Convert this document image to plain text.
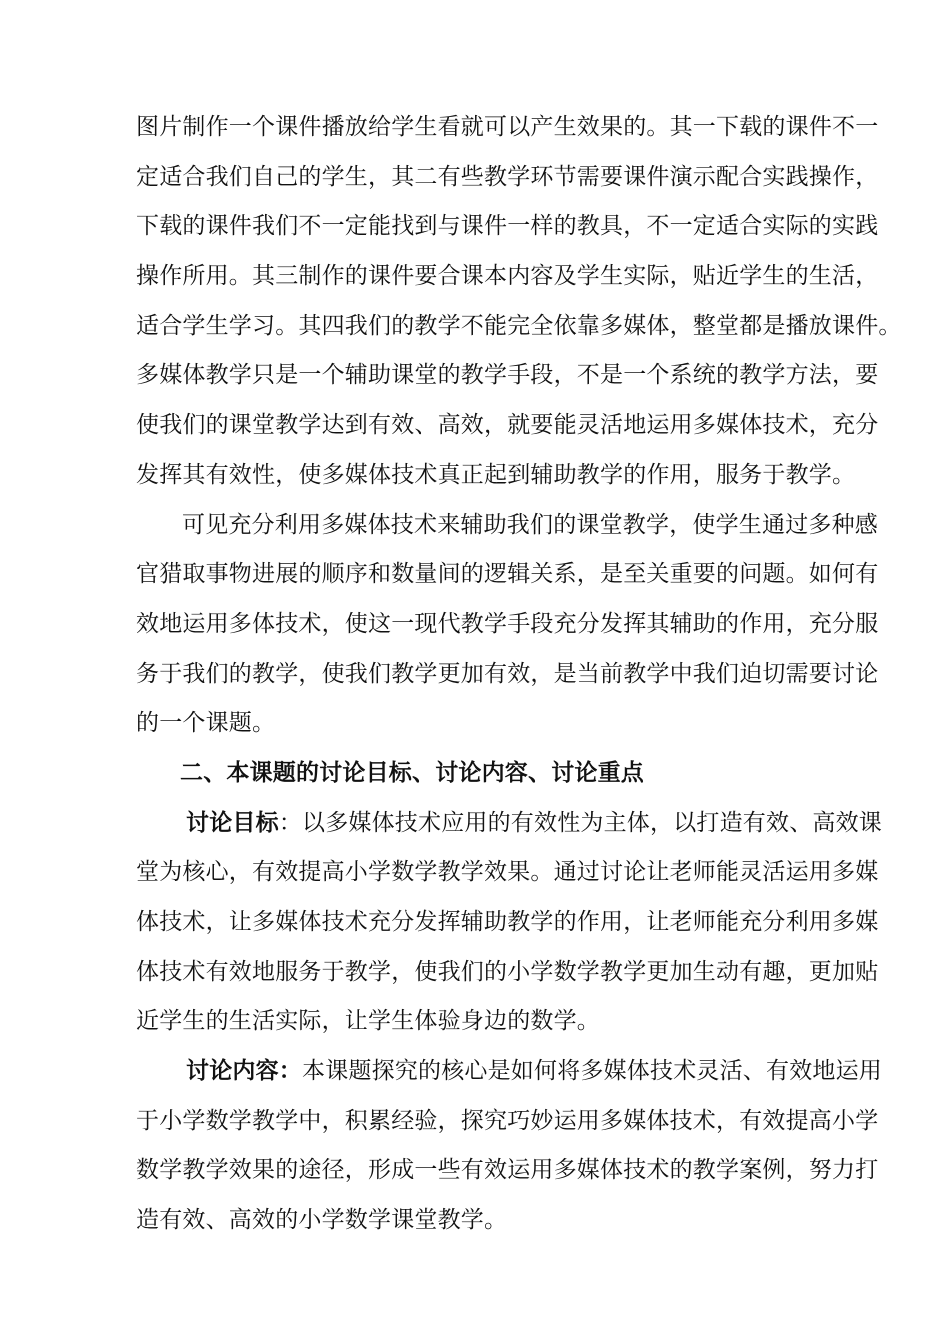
图片制作一个课件播放给学生看就可以产生效果的。其一下载的课件不一
定适合我们自己的学生，其二有些教学环节需要课件演示配合实践操作，
下载的课件我们不一定能找到与课件一样的教具，不一定适合实际的实践
操作所用。其三制作的课件要合课本内容及学生实际，贴近学生的生活，
适合学生学习。其四我们的教学不能完全依靠多媒体，整堂都是播放课件。
多媒体教学只是一个辅助课堂的教学手段，不是一个系统的教学方法，要
使我们的课堂教学达到有效、高效，就要能灵活地运用多媒体技术，充分
发挥其有效性，使多媒体技术真正起到辅助教学的作用，服务于教学。
可见充分利用多媒体技术来辅助我们的课堂教学，使学生通过多种感
官猎取事物进展的顺序和数量间的逻辑关系，是至关重要的问题。如何有
效地运用多体技术，使这一现代教学手段充分发挥其辅助的作用，充分服
务于我们的教学，使我们教学更加有效，是当前教学中我们迫切需要讨论
的一个课题。
二、本课题的讨论目标、讨论内容、讨论重点
讨论目标：以多媒体技术应用的有效性为主体，以打造有效、高效课
堂为核心，有效提高小学数学教学效果。通过讨论让老师能灵活运用多媒
体技术，让多媒体技术充分发挥辅助教学的作用，让老师能充分利用多媒
体技术有效地服务于教学，使我们的小学数学教学更加生动有趣，更加贴
近学生的生活实际，让学生体验身边的数学。
讨论内容：本课题探究的核心是如何将多媒体技术灵活、有效地运用
于小学数学教学中，积累经验，探究巧妙运用多媒体技术，有效提高小学
数学教学效果的途径，形成一些有效运用多媒体技术的教学案例，努力打
造有效、高效的小学数学课堂教学。
